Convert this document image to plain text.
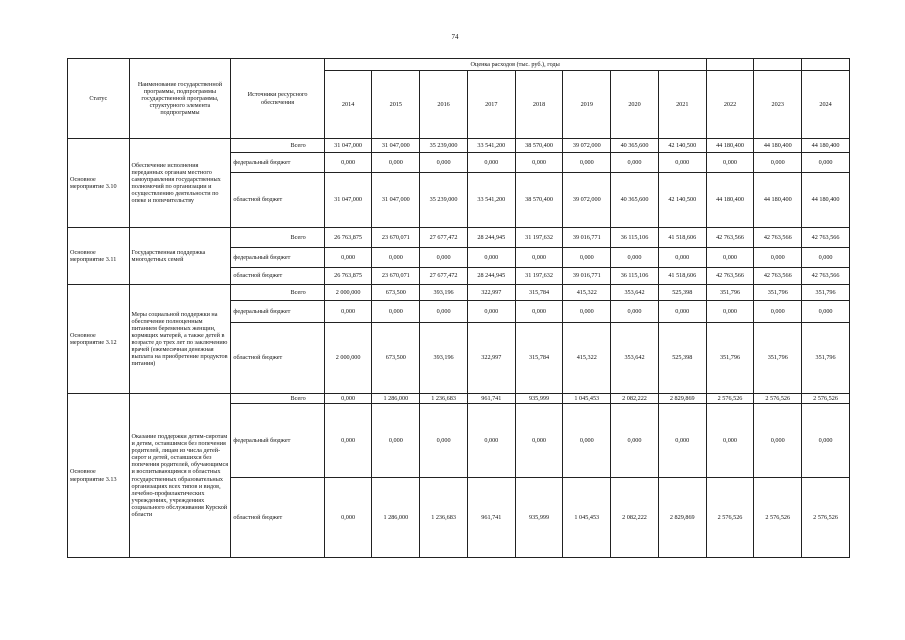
74
Статус	Наименование государственной программы, подпрограммы государственной программы, структурного элемента подпрограммы	Источники ресурсного обеспечения	Оценка расходов (тыс. руб.), годы										
			2014	2015	2016	2017	2018	2019	2020	2021	2022	2023	2024
Основное мероприятие 3.10	Обеспечение исполнения переданных органам местного самоуправления государственных полномочий по организации и осуществлению деятельности по опеке и попечительству	Всего	31 047,000	31 047,000	35 239,000	33 541,200	38 570,400	39 072,000	40 365,600	42 140,500	44 180,400	44 180,400	44 180,400
		федеральный бюджет	0,000	0,000	0,000	0,000	0,000	0,000	0,000	0,000	0,000	0,000	0,000
		областной бюджет	31 047,000	31 047,000	35 239,000	33 541,200	38 570,400	39 072,000	40 365,600	42 140,500	44 180,400	44 180,400	44 180,400
Основное мероприятие 3.11	Государственная поддержка многодетных семей	Всего	26 763,875	23 670,071	27 677,472	28 244,945	31 197,632	39 016,771	36 115,106	41 518,606	42 763,566	42 763,566	42 763,566
		федеральный бюджет	0,000	0,000	0,000	0,000	0,000	0,000	0,000	0,000	0,000	0,000	0,000
		областной бюджет	26 763,875	23 670,071	27 677,472	28 244,945	31 197,632	39 016,771	36 115,106	41 518,606	42 763,566	42 763,566	42 763,566
Основное мероприятие 3.12	Меры социальной поддержки на обеспечение полноценным питанием беременных женщин, кормящих матерей, а также детей в возрасте до трех лет по заключению врачей (ежемесячная денежная выплата на приобретение продуктов питания)	Всего	2 000,000	673,500	393,196	322,997	315,784	415,322	353,642	525,398	351,796	351,796	351,796
		федеральный бюджет	0,000	0,000	0,000	0,000	0,000	0,000	0,000	0,000	0,000	0,000	0,000
		областной бюджет	2 000,000	673,500	393,196	322,997	315,784	415,322	353,642	525,398	351,796	351,796	351,796
Основное мероприятие 3.13	Оказание поддержки детям-сиротам и детям, оставшимся без попечения родителей, лицам из числа детей-сирот и детей, оставшихся без попечения родителей, обучающимся и воспитывающимся в областных государственных образовательных организациях всех типов и видов, лечебно-профилактических учреждениях, учреждениях социального обслуживания Курской области	Всего	0,000	1 286,000	1 236,683	961,741	935,999	1 045,453	2 082,222	2 829,869	2 576,526	2 576,526	2 576,526
		федеральный бюджет	0,000	0,000	0,000	0,000	0,000	0,000	0,000	0,000	0,000	0,000	0,000
		областной бюджет	0,000	1 286,000	1 236,683	961,741	935,999	1 045,453	2 082,222	2 829,869	2 576,526	2 576,526	2 576,526
